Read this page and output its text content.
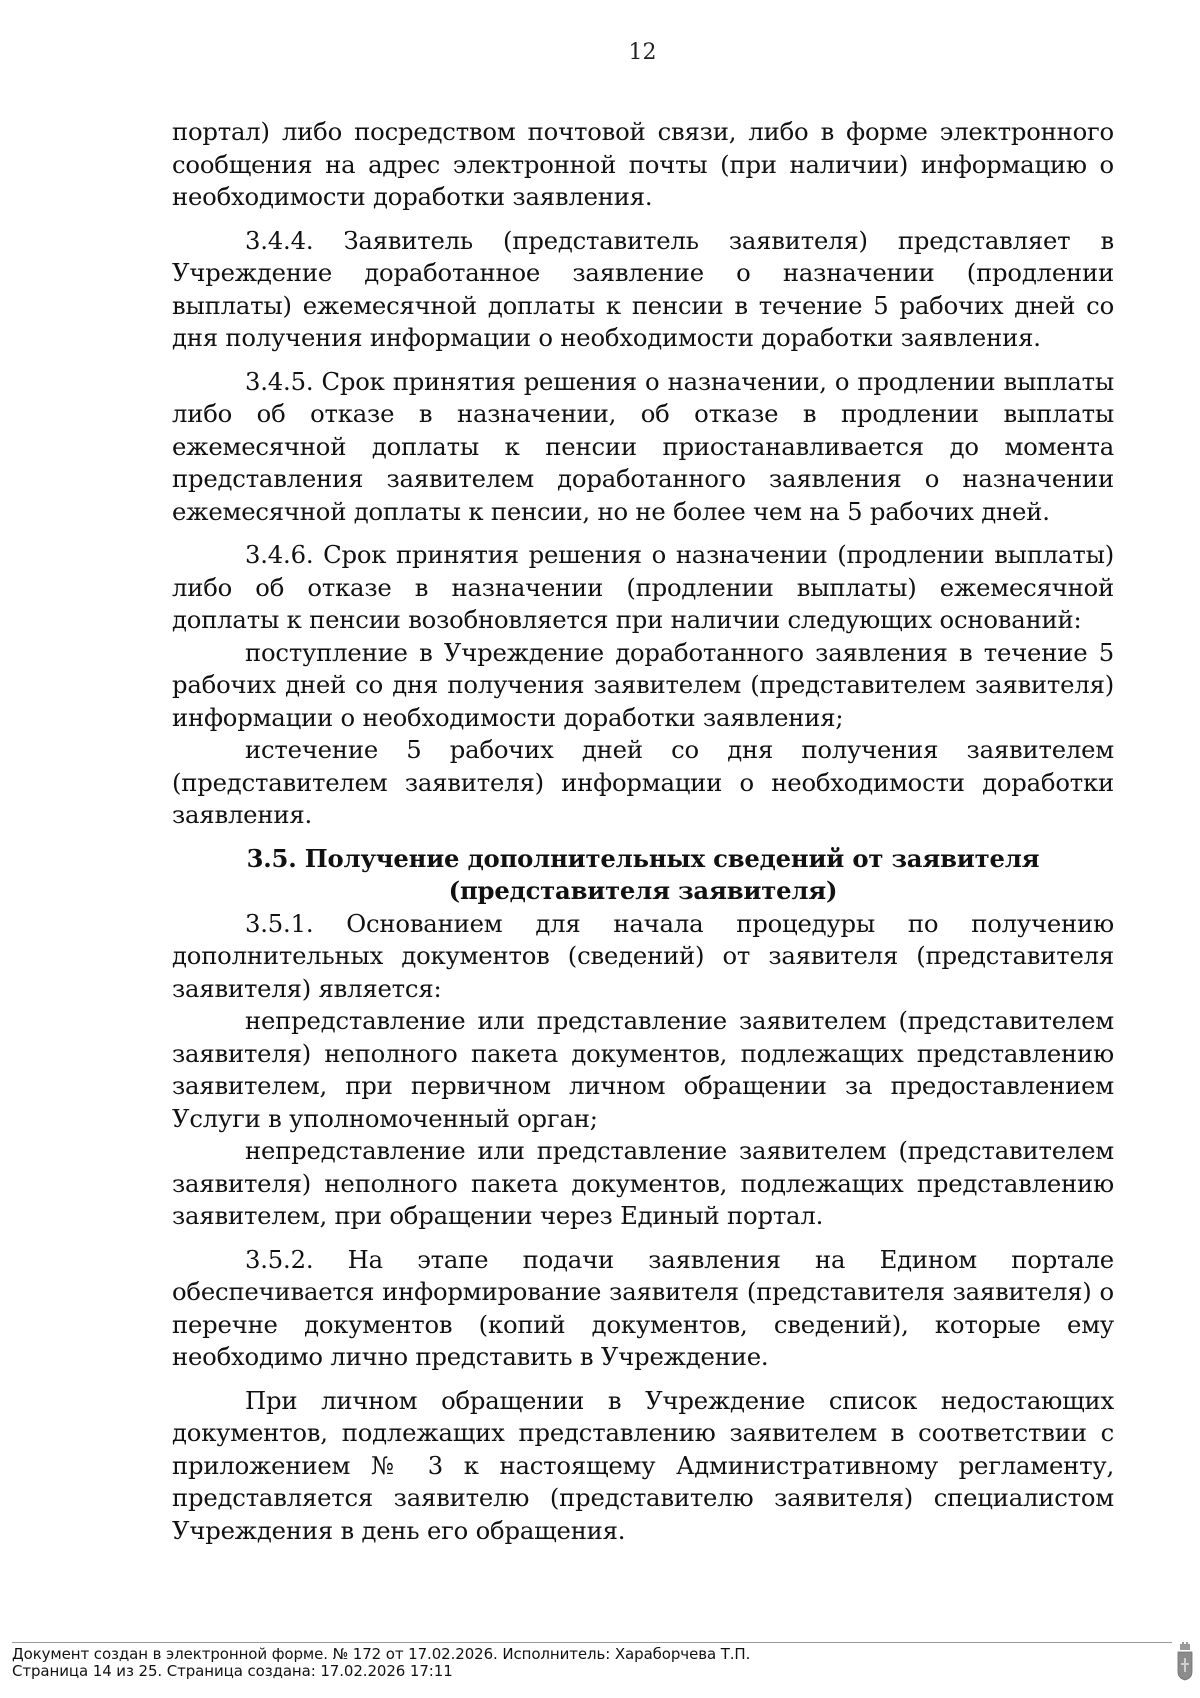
12

портал) либо посредством почтовой связи, либо в форме электронного сообщения на адрес электронной почты (при наличии) информацию о необходимости доработки заявления.

3.4.4. Заявитель (представитель заявителя) представляет в Учреждение доработанное заявление о назначении (продлении выплаты) ежемесячной доплаты к пенсии в течение 5 рабочих дней со дня получения информации о необходимости доработки заявления.

3.4.5. Срок принятия решения о назначении, о продлении выплаты либо об отказе в назначении, об отказе в продлении выплаты ежемесячной доплаты к пенсии приостанавливается до момента представления заявителем доработанного заявления о назначении ежемесячной доплаты к пенсии, но не более чем на 5 рабочих дней.

3.4.6. Срок принятия решения о назначении (продлении выплаты) либо об отказе в назначении (продлении выплаты) ежемесячной доплаты к пенсии возобновляется при наличии следующих оснований:

поступление в Учреждение доработанного заявления в течение 5 рабочих дней со дня получения заявителем (представителем заявителя) информации о необходимости доработки заявления;

истечение 5 рабочих дней со дня получения заявителем (представителем заявителя) информации о необходимости доработки заявления.

3.5. Получение дополнительных сведений от заявителя (представителя заявителя)

3.5.1. Основанием для начала процедуры по получению дополнительных документов (сведений) от заявителя (представителя заявителя) является:

непредставление или представление заявителем (представителем заявителя) неполного пакета документов, подлежащих представлению заявителем, при первичном личном обращении за предоставлением Услуги в уполномоченный орган;

непредставление или представление заявителем (представителем заявителя) неполного пакета документов, подлежащих представлению заявителем, при обращении через Единый портал.

3.5.2. На этапе подачи заявления на Едином портале обеспечивается информирование заявителя (представителя заявителя) о перечне документов (копий документов, сведений), которые ему необходимо лично представить в Учреждение.

При личном обращении в Учреждение список недостающих документов, подлежащих представлению заявителем в соответствии с приложением № 3 к настоящему Административному регламенту, представляется заявителю (представителю заявителя) специалистом Учреждения в день его обращения.

Документ создан в электронной форме. № 172 от 17.02.2026. Исполнитель: Хараборчева Т.П.
Страница 14 из 25. Страница создана: 17.02.2026 17:11
